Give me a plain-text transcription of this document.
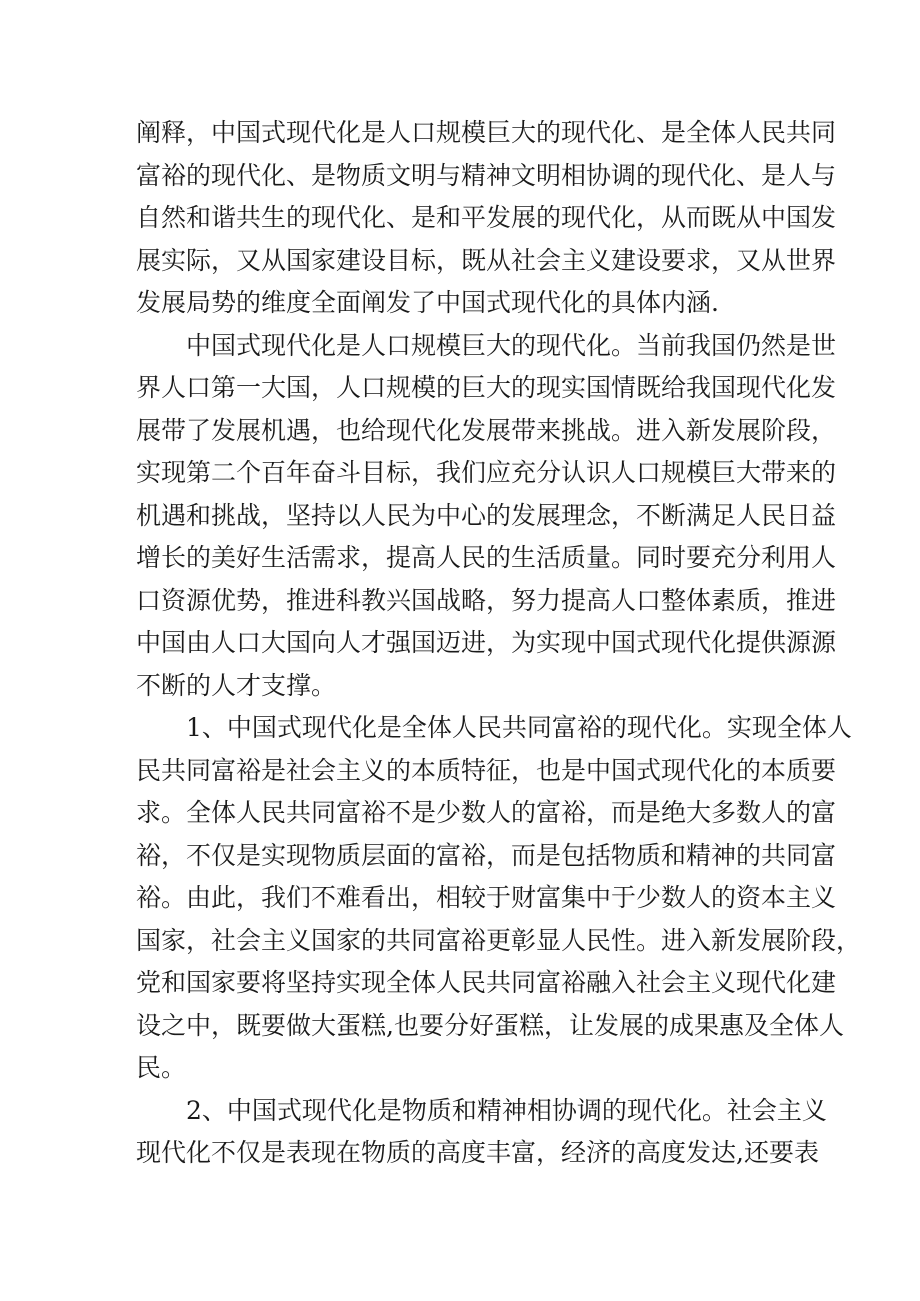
阐释，中国式现代化是人口规模巨大的现代化、是全体人民共同
富裕的现代化、是物质文明与精神文明相协调的现代化、是人与
自然和谐共生的现代化、是和平发展的现代化，从而既从中国发
展实际，又从国家建设目标，既从社会主义建设要求，又从世界
发展局势的维度全面阐发了中国式现代化的具体内涵.
中国式现代化是人口规模巨大的现代化。当前我国仍然是世
界人口第一大国，人口规模的巨大的现实国情既给我国现代化发
展带了发展机遇，也给现代化发展带来挑战。进入新发展阶段，
实现第二个百年奋斗目标，我们应充分认识人口规模巨大带来的
机遇和挑战，坚持以人民为中心的发展理念，不断满足人民日益
增长的美好生活需求，提高人民的生活质量。同时要充分利用人
口资源优势，推进科教兴国战略，努力提高人口整体素质，推进
中国由人口大国向人才强国迈进，为实现中国式现代化提供源源
不断的人才支撑。
1、中国式现代化是全体人民共同富裕的现代化。实现全体人
民共同富裕是社会主义的本质特征，也是中国式现代化的本质要
求。全体人民共同富裕不是少数人的富裕，而是绝大多数人的富
裕，不仅是实现物质层面的富裕，而是包括物质和精神的共同富
裕。由此，我们不难看出，相较于财富集中于少数人的资本主义
国家，社会主义国家的共同富裕更彰显人民性。进入新发展阶段，
党和国家要将坚持实现全体人民共同富裕融入社会主义现代化建
设之中，既要做大蛋糕,也要分好蛋糕，让发展的成果惠及全体人
民。
2、中国式现代化是物质和精神相协调的现代化。社会主义
现代化不仅是表现在物质的高度丰富，经济的高度发达,还要表
